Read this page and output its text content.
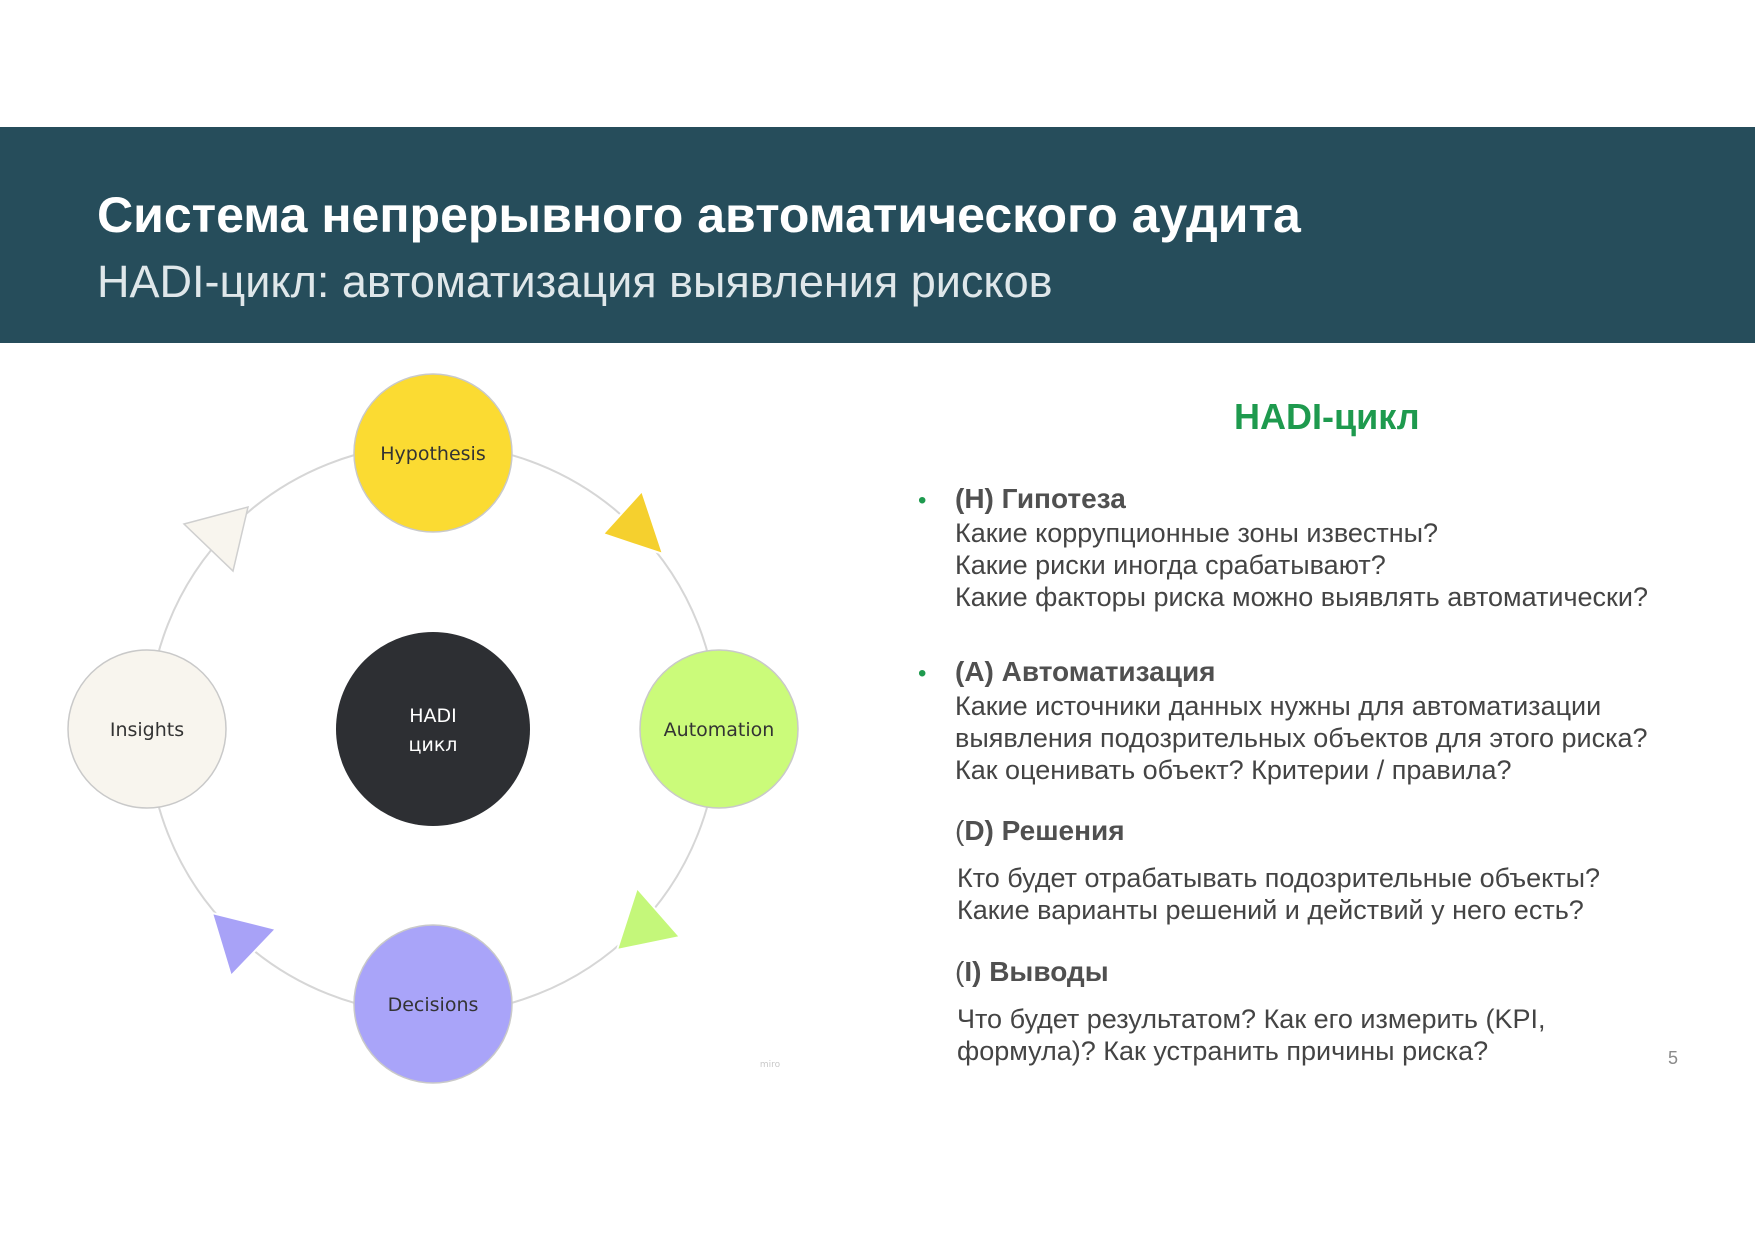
Система непрерывного автоматического аудита
HADI-цикл: автоматизация выявления рисков
Hypothesis
Automation
Decisions
Insights
HADI
цикл
miro
HADI-цикл
• (H) Гипотеза
Какие коррупционные зоны известны?
Какие риски иногда срабатывают?
Какие факторы риска можно выявлять автоматически?
• (A) Автоматизация
Какие источники данных нужны для автоматизации
выявления подозрительных объектов для этого риска?
Как оценивать объект? Критерии / правила?
(D) Решения
Кто будет отрабатывать подозрительные объекты?
Какие варианты решений и действий у него есть?
(I) Выводы
Что будет результатом? Как его измерить (KPI,
формула)? Как устранить причины риска?	5
